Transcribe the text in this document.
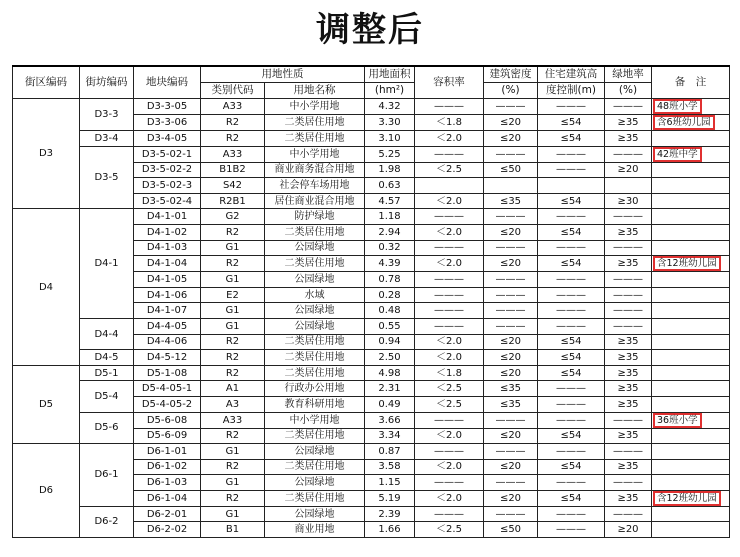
调整后
街区编码	街坊编码	地块编码	用地性质		用地面积	容积率	建筑密度	住宅建筑高	绿地率	备　注
			类别代码	用地名称	(hm²)		(%)	度控制(m)	(%)	
D3	D3-3	D3-3-05	A33	中小学用地	4.32	———	———	———	———	48班小学
		D3-3-06	R2	二类居住用地	3.30	＜1.8	≤20	≤54	≥35	含6班幼儿园
	D3-4	D3-4-05	R2	二类居住用地	3.10	＜2.0	≤20	≤54	≥35	
	D3-5	D3-5-02-1	A33	中小学用地	5.25	———	———	———	———	42班中学
		D3-5-02-2	B1B2	商业商务混合用地	1.98	＜2.5	≤50	———	≥20	
		D3-5-02-3	S42	社会停车场用地	0.63					
		D3-5-02-4	R2B1	居住商业混合用地	4.57	＜2.0	≤35	≤54	≥30	
D4	D4-1	D4-1-01	G2	防护绿地	1.18	———	———	———	———	
		D4-1-02	R2	二类居住用地	2.94	＜2.0	≤20	≤54	≥35	
		D4-1-03	G1	公园绿地	0.32	———	———	———	———	
		D4-1-04	R2	二类居住用地	4.39	＜2.0	≤20	≤54	≥35	含12班幼儿园
		D4-1-05	G1	公园绿地	0.78	———	———	———	———	
		D4-1-06	E2	水域	0.28	———	———	———	———	
		D4-1-07	G1	公园绿地	0.48	———	———	———	———	
	D4-4	D4-4-05	G1	公园绿地	0.55	———	———	———	———	
		D4-4-06	R2	二类居住用地	0.94	＜2.0	≤20	≤54	≥35	
	D4-5	D4-5-12	R2	二类居住用地	2.50	＜2.0	≤20	≤54	≥35	
D5	D5-1	D5-1-08	R2	二类居住用地	4.98	＜1.8	≤20	≤54	≥35	
	D5-4	D5-4-05-1	A1	行政办公用地	2.31	＜2.5	≤35	———	≥35	
		D5-4-05-2	A3	教育科研用地	0.49	＜2.5	≤35	———	≥35	
	D5-6	D5-6-08	A33	中小学用地	3.66	———	———	———	———	36班小学
		D5-6-09	R2	二类居住用地	3.34	＜2.0	≤20	≤54	≥35	
D6	D6-1	D6-1-01	G1	公园绿地	0.87	———	———	———	———	
		D6-1-02	R2	二类居住用地	3.58	＜2.0	≤20	≤54	≥35	
		D6-1-03	G1	公园绿地	1.15	———	———	———	———	
		D6-1-04	R2	二类居住用地	5.19	＜2.0	≤20	≤54	≥35	含12班幼儿园
	D6-2	D6-2-01	G1	公园绿地	2.39	———	———	———	———	
		D6-2-02	B1	商业用地	1.66	＜2.5	≤50	———	≥20	
